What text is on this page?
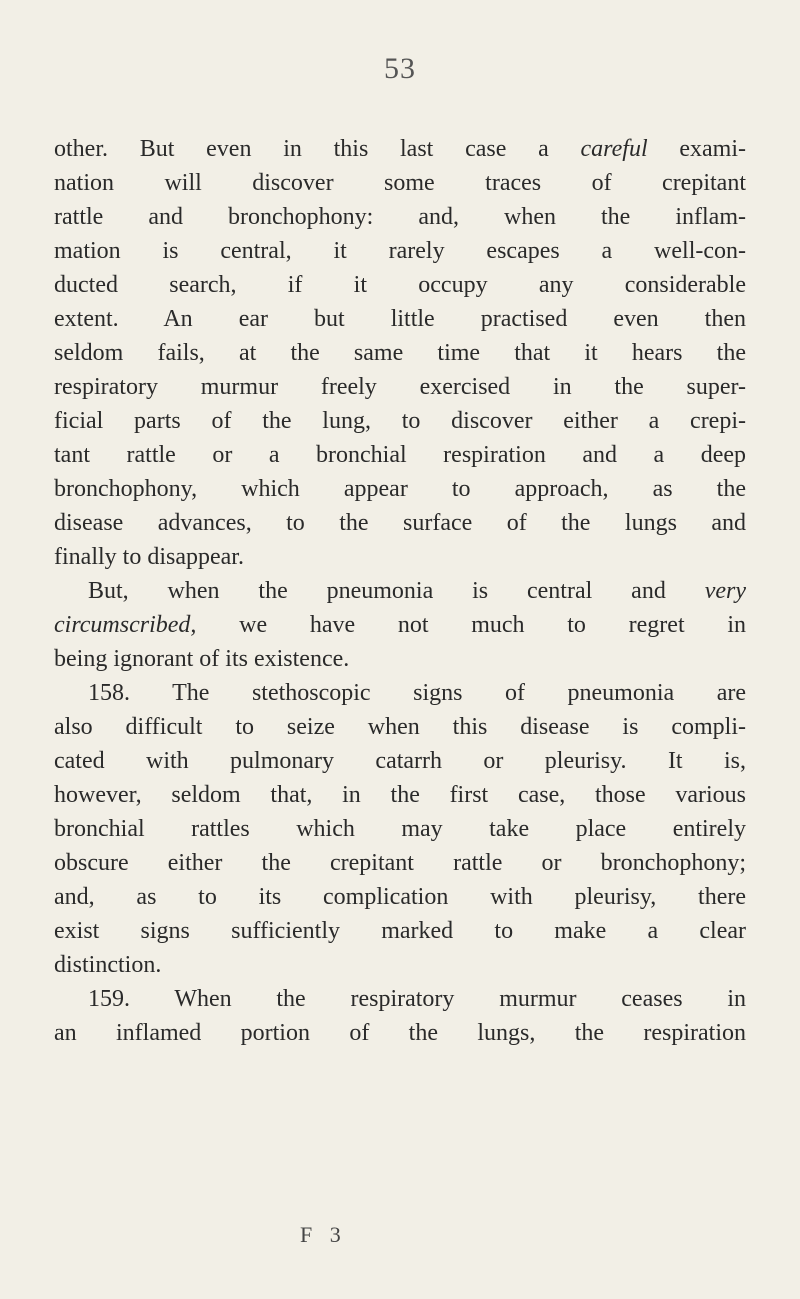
53
other. But even in this last case a careful exami-
nation will discover some traces of crepitant
rattle and bronchophony: and, when the inflam-
mation is central, it rarely escapes a well-con-
ducted search, if it occupy any considerable
extent. An ear but little practised even then
seldom fails, at the same time that it hears the
respiratory murmur freely exercised in the super-
ficial parts of the lung, to discover either a crepi-
tant rattle or a bronchial respiration and a deep
bronchophony, which appear to approach, as the
disease advances, to the surface of the lungs and
finally to disappear.
But, when the pneumonia is central and very
circumscribed, we have not much to regret in
being ignorant of its existence.
158. The stethoscopic signs of pneumonia are
also difficult to seize when this disease is compli-
cated with pulmonary catarrh or pleurisy. It is,
however, seldom that, in the first case, those various
bronchial rattles which may take place entirely
obscure either the crepitant rattle or bronchophony;
and, as to its complication with pleurisy, there
exist signs sufficiently marked to make a clear
distinction.
159. When the respiratory murmur ceases in
an inflamed portion of the lungs, the respiration
F 3
